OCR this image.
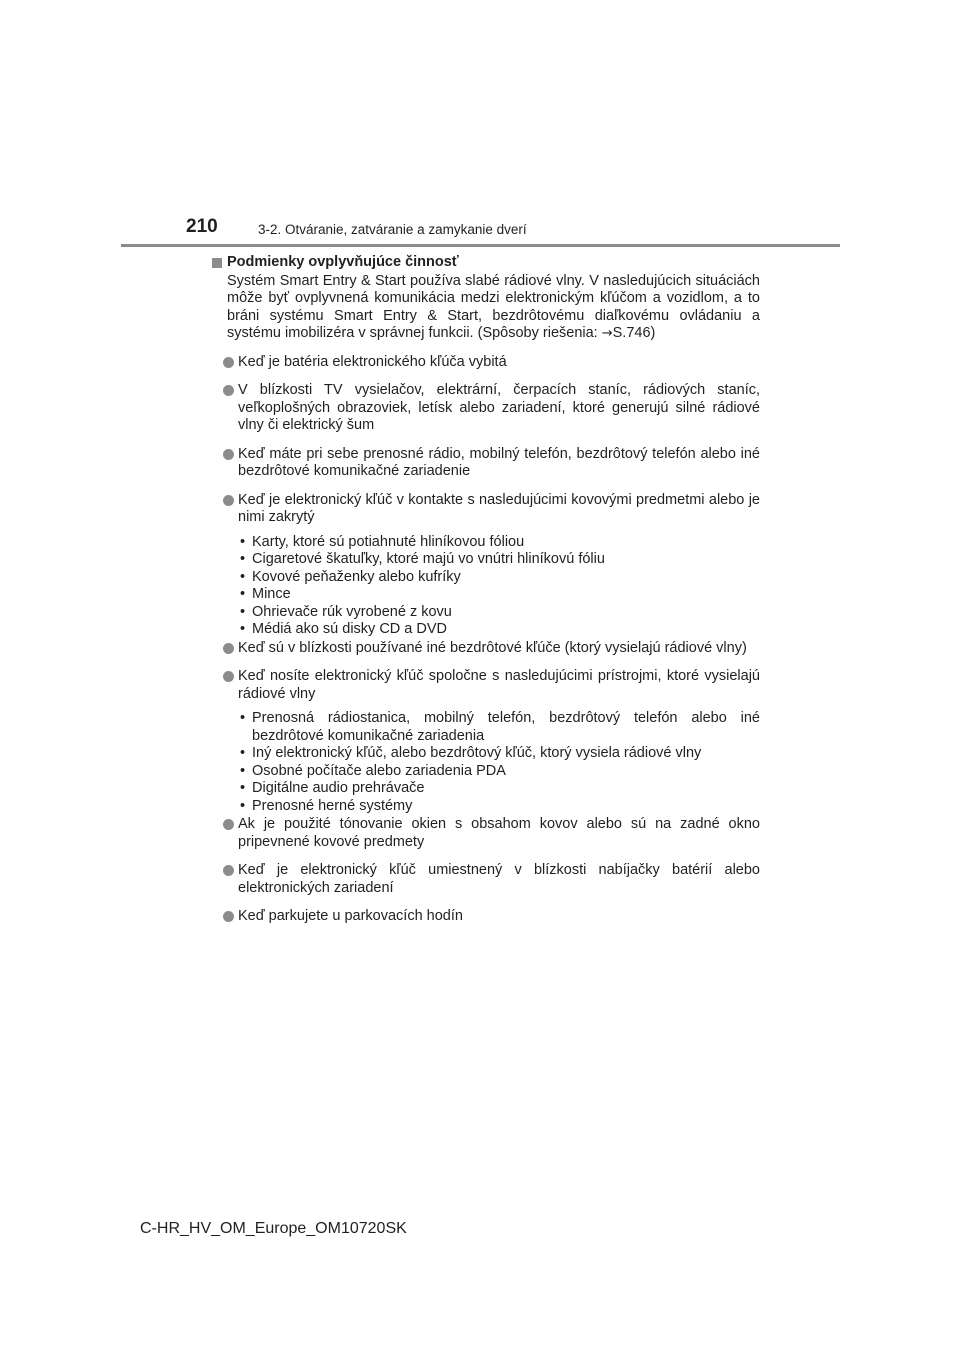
210	3-2. Otváranie, zatváranie a zamykanie dverí
Podmienky ovplyvňujúce činnosť
Systém Smart Entry & Start používa slabé rádiové vlny. V nasledujúcich situáciách môže byť ovplyvnená komunikácia medzi elektronickým kľúčom a vozidlom, a to bráni systému Smart Entry & Start, bezdrôtovému diaľkovému ovládaniu a systému imobilizéra v správnej funkcii. (Spôsoby riešenia: →S.746)
Keď je batéria elektronického kľúča vybitá
V blízkosti TV vysielačov, elektrární, čerpacích staníc, rádiových staníc, veľkoplošných obrazoviek, letísk alebo zariadení, ktoré generujú silné rádiové vlny či elektrický šum
Keď máte pri sebe prenosné rádio, mobilný telefón, bezdrôtový telefón alebo iné bezdrôtové komunikačné zariadenie
Keď je elektronický kľúč v kontakte s nasledujúcimi kovovými predmetmi alebo je nimi zakrytý
• Karty, ktoré sú potiahnuté hliníkovou fóliou
• Cigaretové škatuľky, ktoré majú vo vnútri hliníkovú fóliu
• Kovové peňaženky alebo kufríky
• Mince
• Ohrievače rúk vyrobené z kovu
• Médiá ako sú disky CD a DVD
Keď sú v blízkosti používané iné bezdrôtové kľúče (ktorý vysielajú rádiové vlny)
Keď nosíte elektronický kľúč spoločne s nasledujúcimi prístrojmi, ktoré vysielajú rádiové vlny
• Prenosná rádiostanica, mobilný telefón, bezdrôtový telefón alebo iné bezdrôtové komunikačné zariadenia
• Iný elektronický kľúč, alebo bezdrôtový kľúč, ktorý vysiela rádiové vlny
• Osobné počítače alebo zariadenia PDA
• Digitálne audio prehrávače
• Prenosné herné systémy
Ak je použité tónovanie okien s obsahom kovov alebo sú na zadné okno pripevnené kovové predmety
Keď je elektronický kľúč umiestnený v blízkosti nabíjačky batérií alebo elektronických zariadení
Keď parkujete u parkovacích hodín
C-HR_HV_OM_Europe_OM10720SK
